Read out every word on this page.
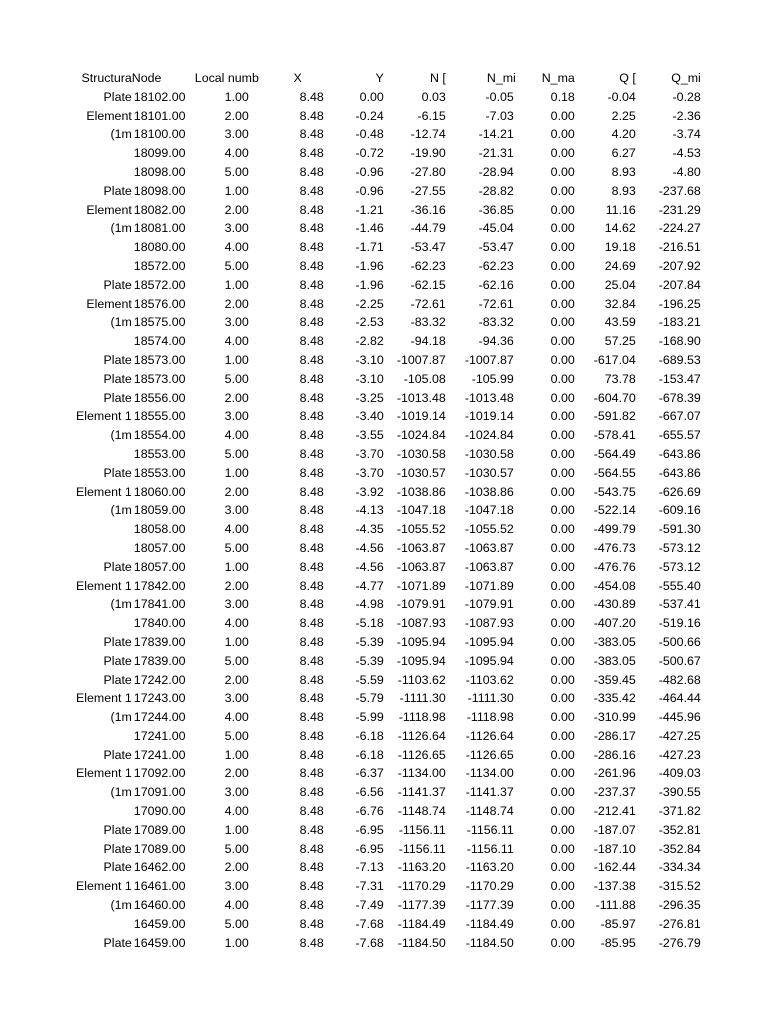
Structura	Node	Local numb	X	Y	N [	N_mi	N_ma	Q [	Q_mi

Plate	18102.00	1.00	8.48	0.00	0.03	-0.05	0.18	-0.04	-0.28

Element	18101.00	2.00	8.48	-0.24	-6.15	-7.03	0.00	2.25	-2.36

(1m	18100.00	3.00	8.48	-0.48	-12.74	-14.21	0.00	4.20	-3.74

	18099.00	4.00	8.48	-0.72	-19.90	-21.31	0.00	6.27	-4.53

	18098.00	5.00	8.48	-0.96	-27.80	-28.94	0.00	8.93	-4.80

Plate	18098.00	1.00	8.48	-0.96	-27.55	-28.82	0.00	8.93	-237.68

Element	18082.00	2.00	8.48	-1.21	-36.16	-36.85	0.00	11.16	-231.29

(1m	18081.00	3.00	8.48	-1.46	-44.79	-45.04	0.00	14.62	-224.27

	18080.00	4.00	8.48	-1.71	-53.47	-53.47	0.00	19.18	-216.51

	18572.00	5.00	8.48	-1.96	-62.23	-62.23	0.00	24.69	-207.92

Plate	18572.00	1.00	8.48	-1.96	-62.15	-62.16	0.00	25.04	-207.84

Element	18576.00	2.00	8.48	-2.25	-72.61	-72.61	0.00	32.84	-196.25

(1m	18575.00	3.00	8.48	-2.53	-83.32	-83.32	0.00	43.59	-183.21

	18574.00	4.00	8.48	-2.82	-94.18	-94.36	0.00	57.25	-168.90

Plate	18573.00	1.00	8.48	-3.10	-1007.87	-1007.87	0.00	-617.04	-689.53

Plate	18573.00	5.00	8.48	-3.10	-105.08	-105.99	0.00	73.78	-153.47

Plate	18556.00	2.00	8.48	-3.25	-1013.48	-1013.48	0.00	-604.70	-678.39

Element 1	18555.00	3.00	8.48	-3.40	-1019.14	-1019.14	0.00	-591.82	-667.07

(1m	18554.00	4.00	8.48	-3.55	-1024.84	-1024.84	0.00	-578.41	-655.57

	18553.00	5.00	8.48	-3.70	-1030.58	-1030.58	0.00	-564.49	-643.86

Plate	18553.00	1.00	8.48	-3.70	-1030.57	-1030.57	0.00	-564.55	-643.86

Element 1	18060.00	2.00	8.48	-3.92	-1038.86	-1038.86	0.00	-543.75	-626.69

(1m	18059.00	3.00	8.48	-4.13	-1047.18	-1047.18	0.00	-522.14	-609.16

	18058.00	4.00	8.48	-4.35	-1055.52	-1055.52	0.00	-499.79	-591.30

	18057.00	5.00	8.48	-4.56	-1063.87	-1063.87	0.00	-476.73	-573.12

Plate	18057.00	1.00	8.48	-4.56	-1063.87	-1063.87	0.00	-476.76	-573.12

Element 1	17842.00	2.00	8.48	-4.77	-1071.89	-1071.89	0.00	-454.08	-555.40

(1m	17841.00	3.00	8.48	-4.98	-1079.91	-1079.91	0.00	-430.89	-537.41

	17840.00	4.00	8.48	-5.18	-1087.93	-1087.93	0.00	-407.20	-519.16

Plate	17839.00	1.00	8.48	-5.39	-1095.94	-1095.94	0.00	-383.05	-500.66

Plate	17839.00	5.00	8.48	-5.39	-1095.94	-1095.94	0.00	-383.05	-500.67

Plate	17242.00	2.00	8.48	-5.59	-1103.62	-1103.62	0.00	-359.45	-482.68

Element 1	17243.00	3.00	8.48	-5.79	-1111.30	-1111.30	0.00	-335.42	-464.44

(1m	17244.00	4.00	8.48	-5.99	-1118.98	-1118.98	0.00	-310.99	-445.96

	17241.00	5.00	8.48	-6.18	-1126.64	-1126.64	0.00	-286.17	-427.25

Plate	17241.00	1.00	8.48	-6.18	-1126.65	-1126.65	0.00	-286.16	-427.23

Element 1	17092.00	2.00	8.48	-6.37	-1134.00	-1134.00	0.00	-261.96	-409.03

(1m	17091.00	3.00	8.48	-6.56	-1141.37	-1141.37	0.00	-237.37	-390.55

	17090.00	4.00	8.48	-6.76	-1148.74	-1148.74	0.00	-212.41	-371.82

Plate	17089.00	1.00	8.48	-6.95	-1156.11	-1156.11	0.00	-187.07	-352.81

Plate	17089.00	5.00	8.48	-6.95	-1156.11	-1156.11	0.00	-187.10	-352.84

Plate	16462.00	2.00	8.48	-7.13	-1163.20	-1163.20	0.00	-162.44	-334.34

Element 1	16461.00	3.00	8.48	-7.31	-1170.29	-1170.29	0.00	-137.38	-315.52

(1m	16460.00	4.00	8.48	-7.49	-1177.39	-1177.39	0.00	-111.88	-296.35

	16459.00	5.00	8.48	-7.68	-1184.49	-1184.49	0.00	-85.97	-276.81

Plate	16459.00	1.00	8.48	-7.68	-1184.50	-1184.50	0.00	-85.95	-276.79
